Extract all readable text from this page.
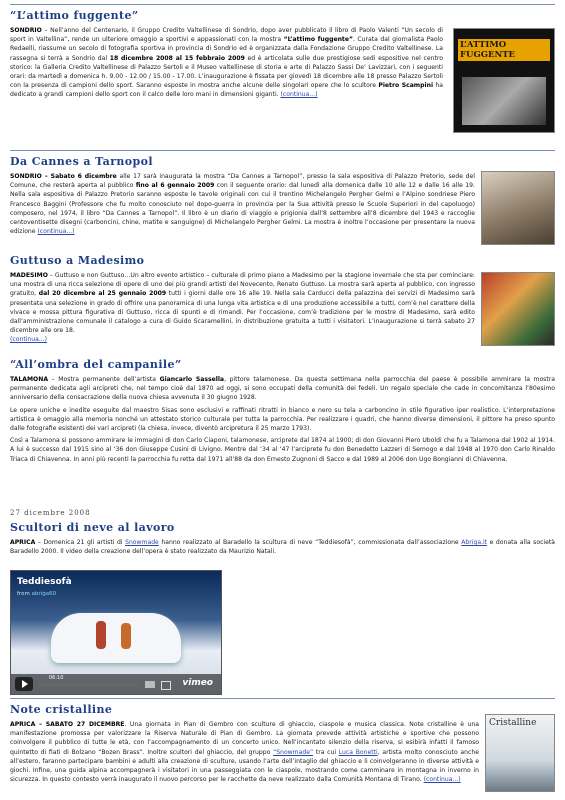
“L’attimo fuggente”
SONDRIO – Nell’anno del Centenario, il Gruppo Credito Valtellinese di Sondrio, dopo aver pubblicato il libro di Paolo Valenti “Un secolo di sport in Valtellina”, rende un ulteriore omaggio a sportivi e appassionati con la mostra “L’attimo fuggente”. Curata dal giornalista Paolo Redaelli, riassume un secolo di fotografia sportiva in provincia di Sondrio ed è organizzata dalla Fondazione Gruppo Credito Valtellinese. La rassegna si terrà a Sondrio dal 18 dicembre 2008 al 15 febbraio 2009 ed è articolata sulle due prestigiose sedi espositive nel centro storico: la Galleria Credito Valtellinese di Palazzo Sertoli e il Museo valtellinese di storia e arte di Palazzo Sassi De’ Lavizzari, con i seguenti orari: da martedì a domenica h. 9.00 - 12.00 / 15.00 - 17.00. L’inaugurazione è fissata per giovedì 18 dicembre alle 18 presso Palazzo Sertoli con la presenza di campioni dello sport. Saranno esposte in mostra anche alcune delle singolari opere che lo scultore Pietro Scampini ha dedicato a grandi campioni dello sport con il calco delle loro mani in dimensioni giganti. (continua...)
L’ATTIMO FUGGENTE
Da Cannes a Tarnopol
SONDRIO – Sabato 6 dicembre alle 17 sarà inaugurata la mostra “Da Cannes a Tarnopol”, presso la sala espositiva di Palazzo Pretorio, sede del Comune, che resterà aperta al pubblico fino al 6 gennaio 2009 con il seguente orario: dal lunedì alla domenica dalle 10 alle 12 e dalle 16 alle 19. Nella sala espositiva di Palazzo Pretorio saranno esposte le tavole originali con cui il trentino Michelangelo Pergher Gelmi e l’Alpino sondriese Piero Francesco Baggini (Professore che fu molto conosciuto nel dopo-guerra in provincia per la Sua attività presso le Scuole Superiori in del capoluogo) composero, nel 1974, il libro “Da Cannes a Tarnopol”. Il libro è un diario di viaggio e prigionia dall’8 settembre all’8 dicembre del 1943 e raccoglie centoventisette disegni (carboncini, chine, matite e sanguigne) di Michelangelo Pergher Gelmi. La mostra è inoltre l’occasione per presentare la nuova edizione (continua...)
Guttuso a Madesimo
MADESIMO – Guttuso e non Guttuso…Un altro evento artistico – culturale di primo piano a Madesimo per la stagione invernale che sta per cominciare: una mostra di una ricca selezione di opere di uno dei più grandi artisti del Novecento, Renato Guttuso. La mostra sarà aperta al pubblico, con ingresso gratuito, dal 20 dicembre al 25 gennaio 2009 tutti i giorni dalle ore 16 alle 19. Nella sala Carducci della palazzina dei servizi di Madesimo sarà presentata una selezione in grado di offrire una panoramica di una lunga vita artistica e di una produzione accessibile a tutti, com’è nel carattere della vivace e mossa pittura figurativa di Guttuso, ricca di spunti e di rimandi. Per l’occasione, com’è tradizione per le mostre di Madesimo, sarà edito dall’amministrazione comunale il catalogo a cura di Guido Scaramellini, in distribuzione gratuita a tutti i visitatori. L’inaugurazione si terrà sabato 27 dicembre alle ore 18.
(continua...)
“All’ombra del campanile”

TALAMONA – Mostra permanente dell’artista Giancarlo Sassella, pittore talamonese. Da questa settimana nella parrocchia del paese è possibile ammirare la mostra permanente dedicata agli arcipreti che, nel tempo cioè dal 1870 ad oggi, si sono occupati della comunità dei fedeli. Un regalo speciale che cade in concomitanza l’80esimo anniversario della consacrazione della nuova chiesa avvenuta il 30 giugno 1928.

Le opere uniche e inedite eseguite dal maestro Sisas sono esclusivi e raffinati ritratti in bianco e nero su tela a carboncino in stile figurativo iper realistico. L’interpretazione artistica è omaggio alla memoria nonché un attestato storico culturale per tutta la parrocchia. Per realizzare i quadri, che hanno diverse dimensioni, il pittore ha preso spunto dalle fotografie esistenti dei vari arcipreti (la chiesa, invece, diventò arcipretura il 25 marzo 1793).

Così a Talamona si possono ammirare le immagini di don Carlo Ciaponi, talamonese, arciprete dal 1874 al 1900; di don Giovanni Piero Uboldi che fu a Talamona dal 1902 al 1914. A lui è successo dal 1915 sino al ‘36 don Giuseppe Cusini di Livigno. Mentre dal ‘34 al ‘47 l’arciprete fu don Benedetto Lazzeri di Semogo e dal 1948 al 1970 don Carlo Rinaldo Triaca di Chiavenna. In anni più recenti la parrocchia fu retta dal 1971 all’88 da don Ernesto Zugnoni di Sacco e dal 1989 al 2006 don Ugo Bongianni di Chiavenna.

27 dicembre 2008
Scultori di neve al lavoro
APRICA – Domenica 21 gli artisti di Snowmade hanno realizzato al Baradello la scultura di neve “Teddiesofà”, commissionata dall’associazione Abriga.it e donata alla società Baradello 2000. Il video della creazione dell’opera è stato realizzato da Maurizio Natali.
Teddiesofà
from abriga60
06:10	vimeo
Note cristalline
APRICA – SABATO 27 DICEMBRE. Una giornata in Pian di Gembro con sculture di ghiaccio, ciaspole e musica classica. Note cristalline è una manifestazione promossa per valorizzare la Riserva Naturale di Pian di Gembro. La giornata prevede attività artistiche e sportive che possono coinvolgere il pubblico di tutte le età, con l’accompagnamento di un concerto unico. Nell’incantato silenzio della riserva, si esibirà infatti il famoso quintetto di fiati di Bolzano “Bozen Brass”. Inoltre scultori del ghiaccio, del gruppo “Snowmade” tra cui Luca Bonetti, artista molto conosciuto anche all’estero, faranno partecipare bambini e adulti alla creazione di sculture, usando l’arte dell’intaglio del ghiaccio e li coinvolgeranno in diverse attività e giochi. Infine, una guida alpina accompagnerà i visitatori in una passeggiata con le ciaspole, mostrando come camminare in montagna in inverno in sicurezza. In questo contesto verrà inaugurato il nuovo percorso per le racchette da neve realizzato dalla Comunità Montana di Tirano. (continua...)
Cristalline
